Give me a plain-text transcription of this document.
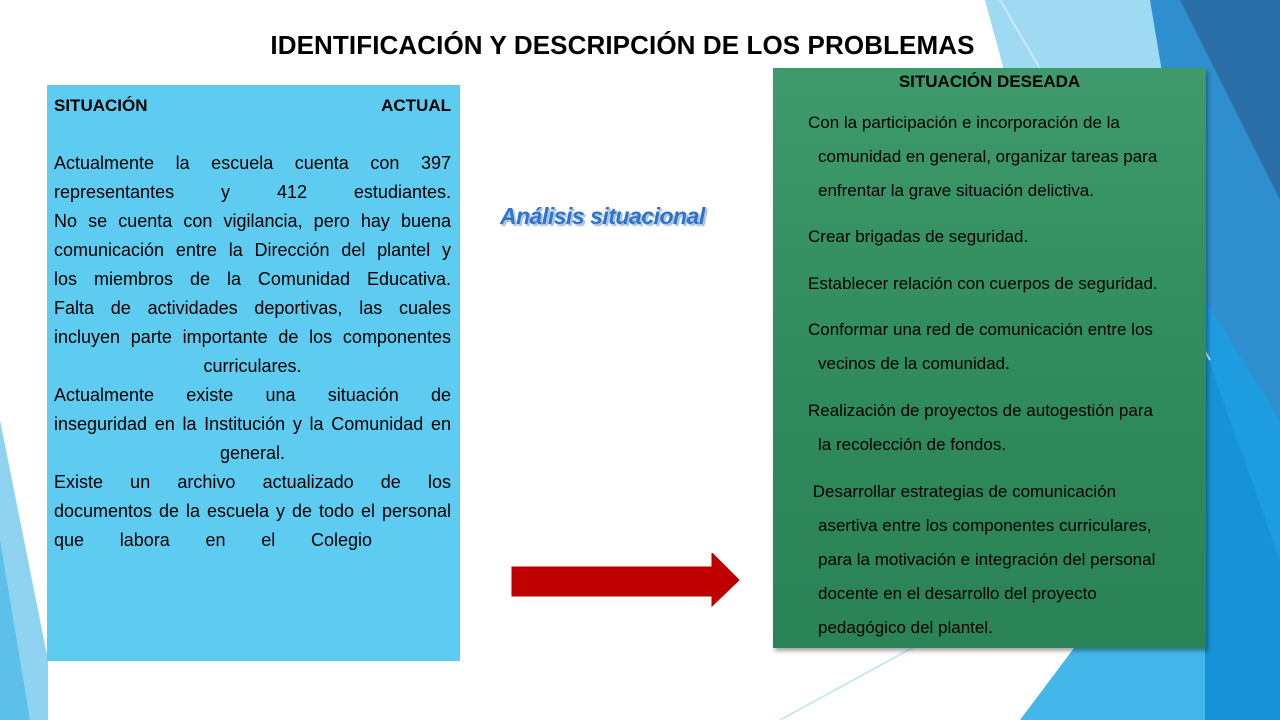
IDENTIFICACIÓN Y DESCRIPCIÓN DE LOS PROBLEMAS
SITUACIÓN	ACTUAL
Actualmente la escuela cuenta con 397
representantes y 412 estudiantes.
No se cuenta con vigilancia, pero hay buena
comunicación entre la Dirección del plantel y
los miembros de la Comunidad Educativa.
Falta de actividades deportivas, las cuales
incluyen parte importante de los componentes
curriculares.
Actualmente existe una situación de
inseguridad en la Institución y la Comunidad en
general.
Existe un archivo actualizado de los
documentos de la escuela y de todo el personal
que labora en el Colegio
Análisis situacional
SITUACIÓN DESEADA
Con la participación e incorporación de la
comunidad en general, organizar tareas para
enfrentar la grave situación delictiva.
Crear brigadas de seguridad.
Establecer relación con cuerpos de seguridad.
Conformar una red de comunicación entre los
vecinos de la comunidad.
Realización de proyectos de autogestión para
la recolección de fondos.
Desarrollar estrategias de comunicación
asertiva entre los componentes curriculares,
para la motivación e integración del personal
docente en el desarrollo del proyecto
pedagógico del plantel.
